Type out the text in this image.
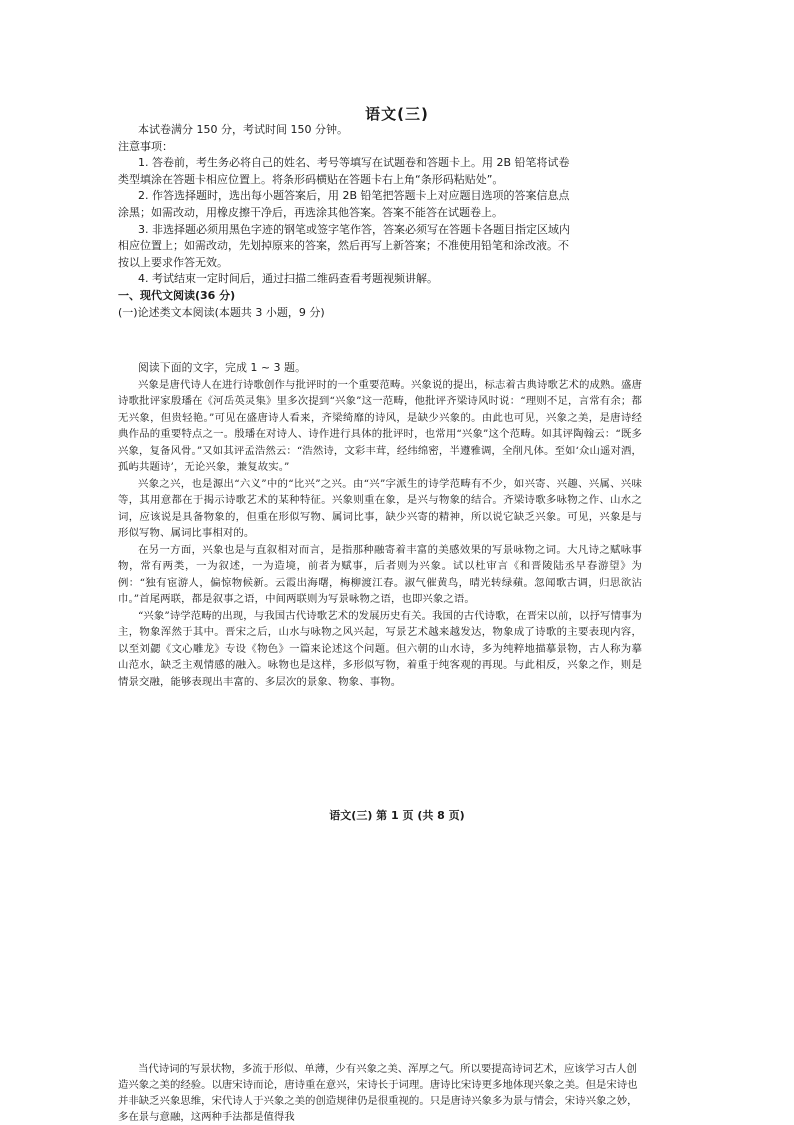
语文(三)

本试卷满分 150 分，考试时间 150 分钟。

注意事项：

1. 答卷前，考生务必将自己的姓名、考号等填写在试题卷和答题卡上。用 2B 铅笔将试卷类型填涂在答题卡相应位置上。将条形码横贴在答题卡右上角“条形码粘贴处”。

2. 作答选择题时，选出每小题答案后，用 2B 铅笔把答题卡上对应题目选项的答案信息点涂黑；如需改动，用橡皮擦干净后，再选涂其他答案。答案不能答在试题卷上。

3. 非选择题必须用黑色字迹的钢笔或签字笔作答，答案必须写在答题卡各题目指定区域内相应位置上；如需改动，先划掉原来的答案，然后再写上新答案；不准使用铅笔和涂改液。不按以上要求作答无效。

4. 考试结束一定时间后，通过扫描二维码查看考题视频讲解。

一、现代文阅读(36 分)

(一)论述类文本阅读(本题共 3 小题，9 分)

阅读下面的文字，完成 1 ~ 3 题。

兴象是唐代诗人在进行诗歌创作与批评时的一个重要范畴。兴象说的提出，标志着古典诗歌艺术的成熟。盛唐诗歌批评家殷璠在《河岳英灵集》里多次提到“兴象”这一范畴，他批评齐梁诗风时说：“理则不足，言常有余；都无兴象，但贵轻艳。”可见在盛唐诗人看来，齐梁绮靡的诗风，是缺少兴象的。由此也可见，兴象之美，是唐诗经典作品的重要特点之一。殷璠在对诗人、诗作进行具体的批评时，也常用“兴象”这个范畴。如其评陶翰云：“既多兴象，复备风骨。”又如其评孟浩然云：“浩然诗，文彩丰茸，经纬绵密，半遵雅调，全削凡体。至如‘众山遥对酒，孤屿共题诗’，无论兴象，兼复故实。”

兴象之兴，也是源出“六义”中的“比兴”之兴。由“兴”字派生的诗学范畴有不少，如兴寄、兴趣、兴属、兴味等，其用意都在于揭示诗歌艺术的某种特征。兴象则重在象，是兴与物象的结合。齐梁诗歌多咏物之作、山水之词，应该说是具备物象的，但重在形似写物、属词比事，缺少兴寄的精神，所以说它缺乏兴象。可见，兴象是与形似写物、属词比事相对的。

在另一方面，兴象也是与直叙相对而言，是指那种融寄着丰富的美感效果的写景咏物之词。大凡诗之赋咏事物，常有两类，一为叙述，一为造境，前者为赋事，后者则为兴象。试以杜审言《和晋陵陆丞早春游望》为例：“独有宦游人，偏惊物候新。云霞出海曙，梅柳渡江春。淑气催黄鸟，晴光转绿蘋。忽闻歌古调，归思欲沾巾。”首尾两联，都是叙事之语，中间两联则为写景咏物之语，也即兴象之语。

“兴象”诗学范畴的出现，与我国古代诗歌艺术的发展历史有关。我国的古代诗歌，在晋宋以前，以抒写情事为主，物象浑然于其中。晋宋之后，山水与咏物之风兴起，写景艺术越来越发达，物象成了诗歌的主要表现内容，以至刘勰《文心雕龙》专设《物色》一篇来论述这个问题。但六朝的山水诗，多为纯粹地描摹景物，古人称为摹山范水，缺乏主观情感的融入。咏物也是这样，多形似写物，着重于纯客观的再现。与此相反，兴象之作，则是情景交融，能够表现出丰富的、多层次的景象、物象、事物。

语文(三) 第 1 页 (共 8 页)

当代诗词的写景状物，多流于形似、单薄，少有兴象之美、浑厚之气。所以要提高诗词艺术，应该学习古人创造兴象之美的经验。以唐宋诗而论，唐诗重在意兴，宋诗长于词理。唐诗比宋诗更多地体现兴象之美。但是宋诗也并非缺乏兴象思维，宋代诗人于兴象之美的创造规律仍是很重视的。只是唐诗兴象多为景与情会，宋诗兴象之妙，多在景与意融，这两种手法都是值得我
